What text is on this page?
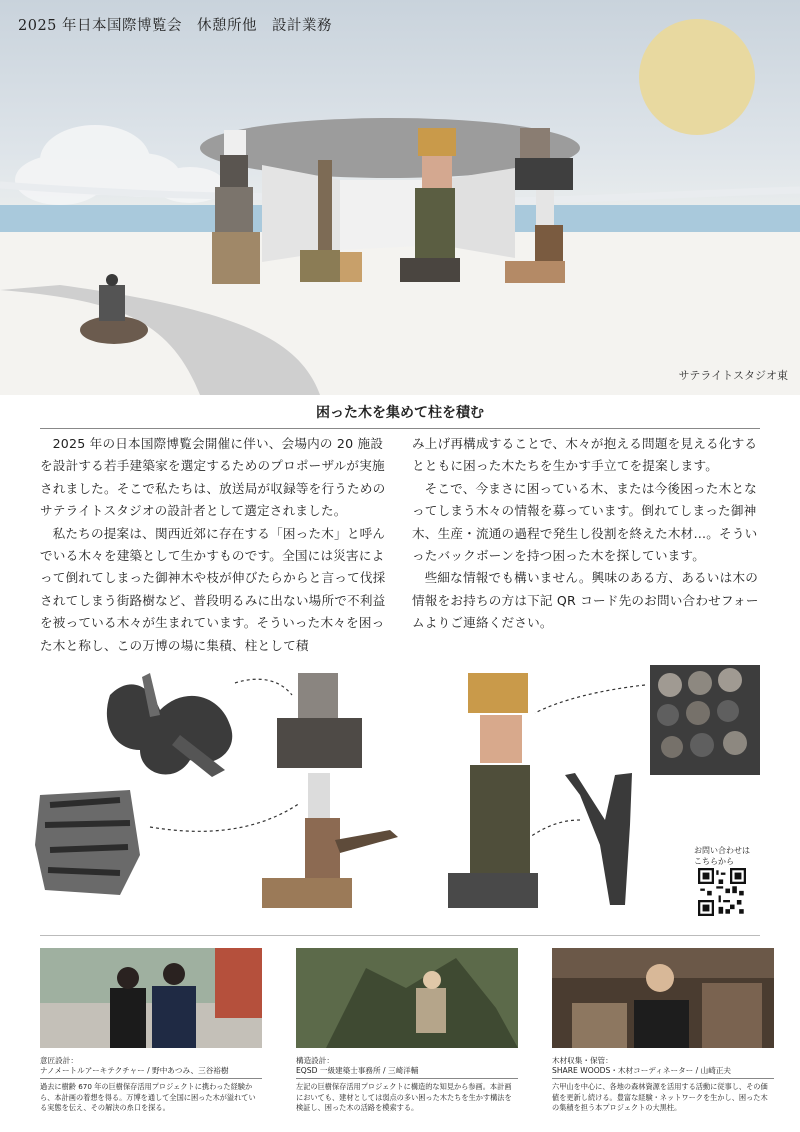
2025 年日本国際博覧会　休憩所他　設計業務
サテライトスタジオ東
困った木を集めて柱を積む

2025 年の日本国際博覧会開催に伴い、会場内の 20 施設を設計する若手建築家を選定するためのプロポーザルが実施されました。そこで私たちは、放送局が収録等を行うためのサテライトスタジオの設計者として選定されました。

私たちの提案は、関西近郊に存在する「困った木」と呼んでいる木々を建築として生かすものです。全国には災害によって倒れてしまった御神木や枝が伸びたらからと言って伐採されてしまう街路樹など、普段明るみに出ない場所で不利益を被っている木々が生まれています。そういった木々を困った木と称し、この万博の場に集積、柱として積

み上げ再構成することで、木々が抱える問題を見える化するとともに困った木たちを生かす手立てを提案します。

そこで、今まさに困っている木、または今後困った木となってしまう木々の情報を募っています。倒れてしまった御神木、生産・流通の過程で発生し役割を終えた木材…。そういったバックボーンを持つ困った木を探しています。

些細な情報でも構いません。興味のある方、あるいは木の情報をお持ちの方は下記 QR コード先のお問い合わせフォームよりご連絡ください。

お問い合わせは
こちらから
意匠設計：
ナノメートルアーキテクチャー / 野中あつみ、三谷裕樹
過去に樹齢 670 年の巨樹保存活用プロジェクトに携わった経験から、本計画の着想を得る。万博を通して全国に困った木が溢れている実態を伝え、その解決の糸口を探る。
構造設計：
EQSD 一級建築士事務所 / 三崎洋輔
左記の巨樹保存活用プロジェクトに構造的な知見から参画。本計画においても、建材としては弱点の多い困った木たちを生かす構法を検証し、困った木の活路を模索する。
木材収集・保管：
SHARE WOODS・木材コーディネーター / 山崎正夫
六甲山を中心に、各地の森林資源を活用する活動に従事し、その価値を更新し続ける。豊富な経験・ネットワークを生かし、困った木の集積を担う本プロジェクトの大黒柱。
